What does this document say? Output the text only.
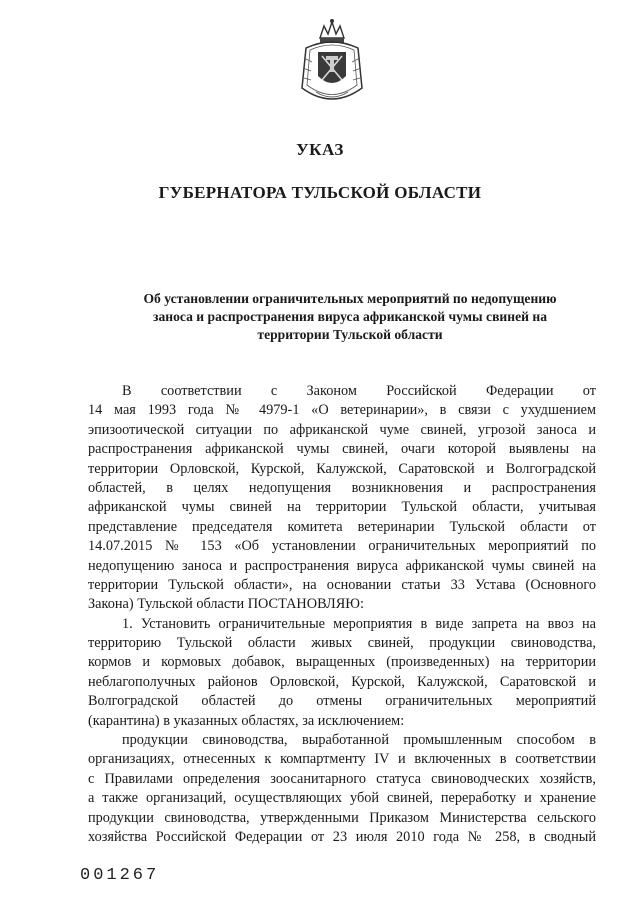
УКАЗ
ГУБЕРНАТОРА ТУЛЬСКОЙ ОБЛАСТИ
Об установлении ограничительных мероприятий по недопущению
заноса и распространения вируса африканской чумы свиней на
территории Тульской области
В соответствии с Законом Российской Федерации от
14 мая 1993 года № 4979-1 «О ветеринарии», в связи с ухудшением
эпизоотической ситуации по африканской чуме свиней, угрозой заноса и
распространения африканской чумы свиней, очаги которой выявлены на
территории Орловской, Курской, Калужской, Саратовской и Волгоградской
областей, в целях недопущения возникновения и распространения
африканской чумы свиней на территории Тульской области, учитывая
представление председателя комитета ветеринарии Тульской области от
14.07.2015 № 153 «Об установлении ограничительных мероприятий по
недопущению заноса и распространения вируса африканской чумы свиней на
территории Тульской области», на основании статьи 33 Устава (Основного
Закона) Тульской области ПОСТАНОВЛЯЮ:
1. Установить ограничительные мероприятия в виде запрета на ввоз на
территорию Тульской области живых свиней, продукции свиноводства,
кормов и кормовых добавок, выращенных (произведенных) на территории
неблагополучных районов Орловской, Курской, Калужской, Саратовской и
Волгоградской областей до отмены ограничительных мероприятий
(карантина) в указанных областях, за исключением:
продукции свиноводства, выработанной промышленным способом в
организациях, отнесенных к компартменту IV и включенных в соответствии
с Правилами определения зоосанитарного статуса свиноводческих хозяйств,
а также организаций, осуществляющих убой свиней, переработку и хранение
продукции свиноводства, утвержденными Приказом Министерства сельского
хозяйства Российской Федерации от 23 июля 2010 года № 258, в сводный
001267
